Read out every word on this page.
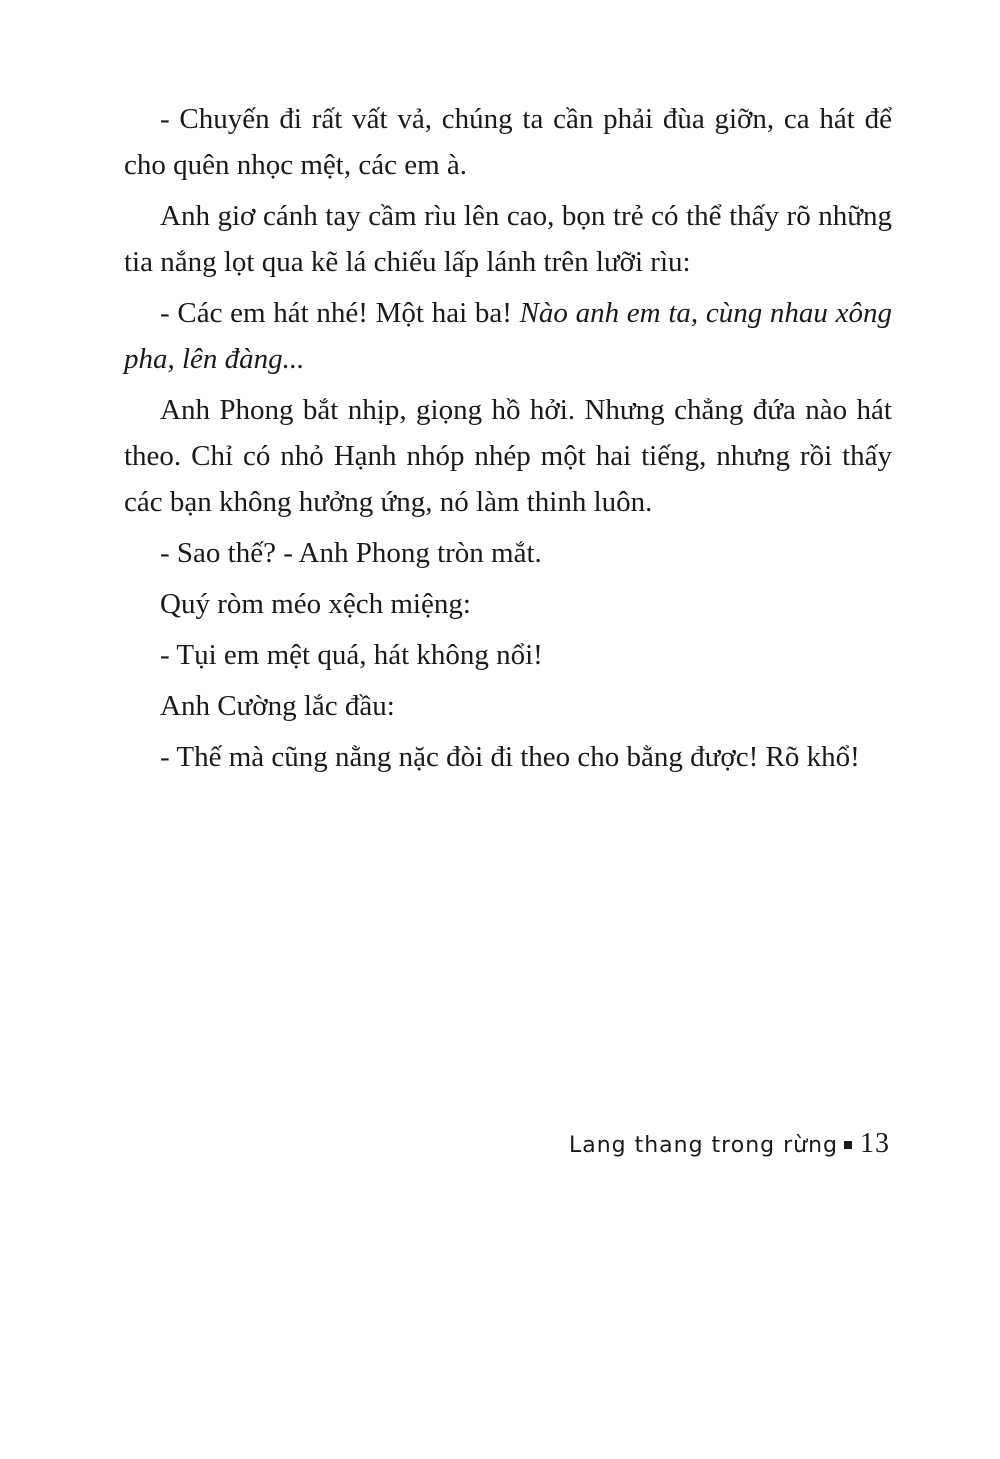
- Chuyến đi rất vất vả, chúng ta cần phải đùa giỡn, ca hát để cho quên nhọc mệt, các em à.

Anh giơ cánh tay cầm rìu lên cao, bọn trẻ có thể thấy rõ những tia nắng lọt qua kẽ lá chiếu lấp lánh trên lưỡi rìu:

- Các em hát nhé! Một hai ba! Nào anh em ta, cùng nhau xông pha, lên đàng...

Anh Phong bắt nhịp, giọng hồ hởi. Nhưng chẳng đứa nào hát theo. Chỉ có nhỏ Hạnh nhóp nhép một hai tiếng, nhưng rồi thấy các bạn không hưởng ứng, nó làm thinh luôn.

- Sao thế? - Anh Phong tròn mắt.

Quý ròm méo xệch miệng:

- Tụi em mệt quá, hát không nổi!

Anh Cường lắc đầu:

- Thế mà cũng nằng nặc đòi đi theo cho bằng được! Rõ khổ!

Lang thang trong rừng 13
